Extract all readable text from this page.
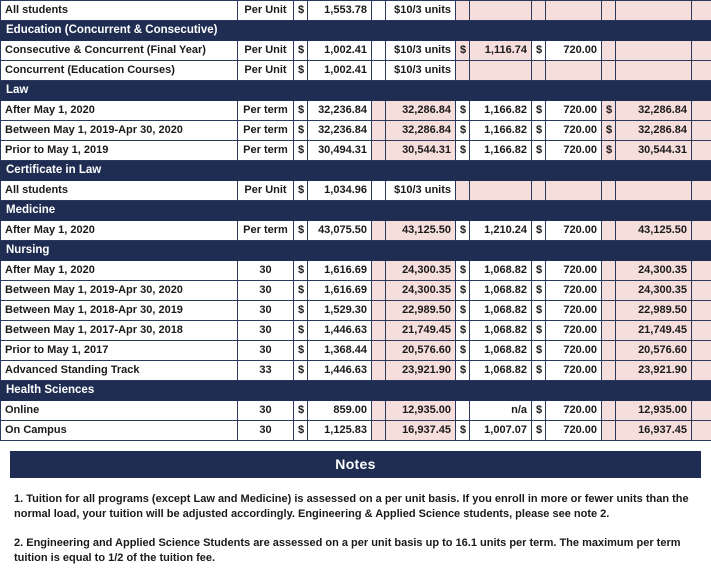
All students	Per Unit	$	1,553.78		$10/3 units							
Education (Concurrent & Consecutive)												
Consecutive & Concurrent (Final Year)	Per Unit	$	1,002.41		$10/3 units	$	1,116.74	$	720.00			
Concurrent (Education Courses)	Per Unit	$	1,002.41		$10/3 units							
Law												
After May 1, 2020	Per term	$	32,236.84		32,286.84	$	1,166.82	$	720.00	$	32,286.84	
Between May 1, 2019-Apr 30, 2020	Per term	$	32,236.84		32,286.84	$	1,166.82	$	720.00	$	32,286.84	
Prior to May 1, 2019	Per term	$	30,494.31		30,544.31	$	1,166.82	$	720.00	$	30,544.31	
Certificate in Law												
All students	Per Unit	$	1,034.96		$10/3 units							
Medicine												
After May 1, 2020	Per term	$	43,075.50		43,125.50	$	1,210.24	$	720.00		43,125.50	
Nursing												
After May 1, 2020	30	$	1,616.69		24,300.35	$	1,068.82	$	720.00		24,300.35	
Between May 1, 2019-Apr 30, 2020	30	$	1,616.69		24,300.35	$	1,068.82	$	720.00		24,300.35	
Between May 1, 2018-Apr 30, 2019	30	$	1,529.30		22,989.50	$	1,068.82	$	720.00		22,989.50	
Between May 1, 2017-Apr 30, 2018	30	$	1,446.63		21,749.45	$	1,068.82	$	720.00		21,749.45	
Prior to May 1, 2017	30	$	1,368.44		20,576.60	$	1,068.82	$	720.00		20,576.60	
Advanced Standing Track	33	$	1,446.63		23,921.90	$	1,068.82	$	720.00		23,921.90	
Health Sciences												
Online	30	$	859.00		12,935.00		n/a	$	720.00		12,935.00	
On Campus	30	$	1,125.83		16,937.45	$	1,007.07	$	720.00		16,937.45	
Notes
1. Tuition for all programs (except Law and Medicine) is assessed on a per unit basis. If you enroll in more or fewer units than the normal load, your tuition will be adjusted accordingly. Engineering & Applied Science students, please see note 2.
2. Engineering and Applied Science Students are assessed on a per unit basis up to 16.1 units per term. The maximum per term tuition is equal to 1/2 of the tuition fee.
